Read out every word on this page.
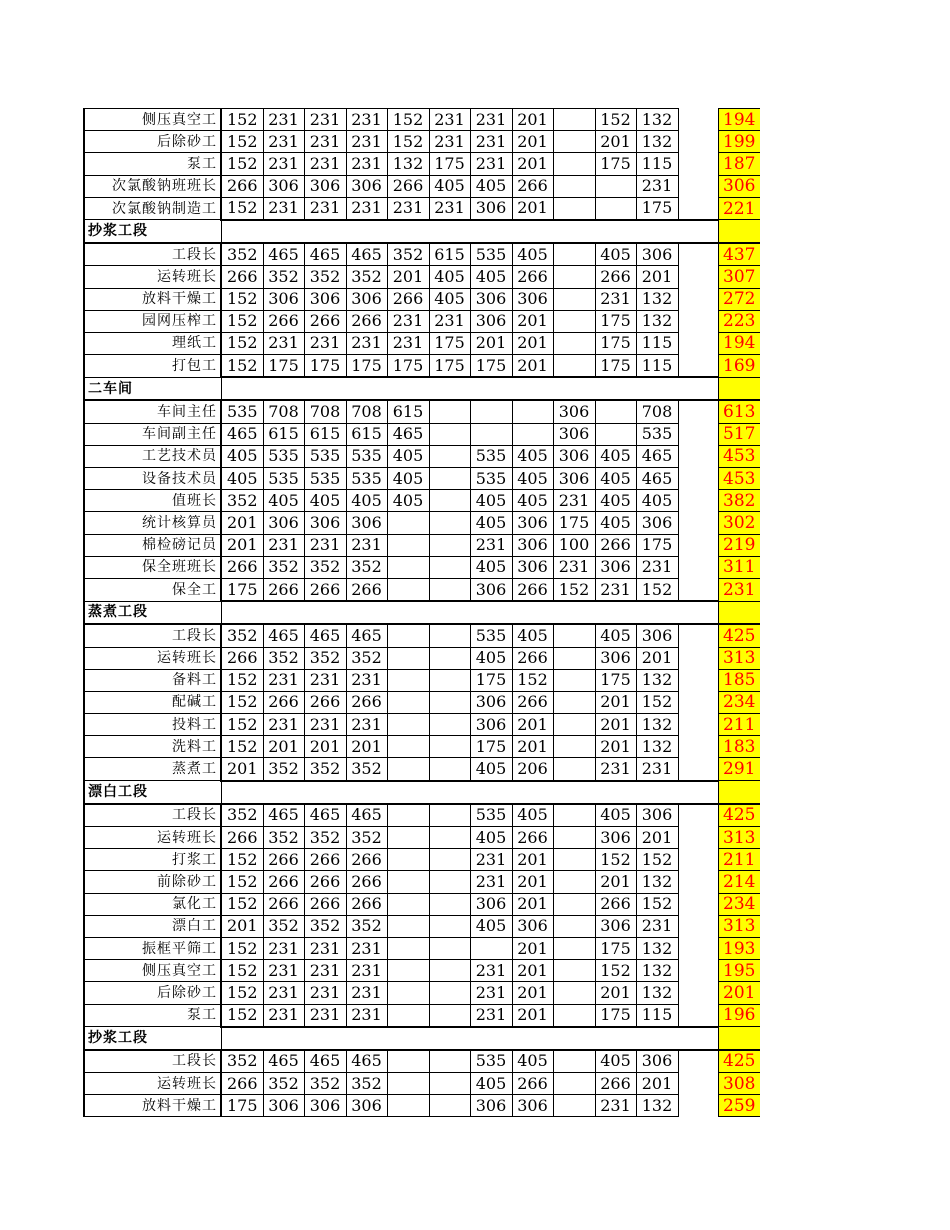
侧压真空工	152	231	231	231	152	231	231	201		152	132		194
后除砂工	152	231	231	231	152	231	231	201		201	132		199
泵工	152	231	231	231	132	175	231	201		175	115		187
次氯酸钠班班长	266	306	306	306	266	405	405	266			231		306
次氯酸钠制造工	152	231	231	231	231	231	306	201			175		221
抄浆工段													
工段长	352	465	465	465	352	615	535	405		405	306		437
运转班长	266	352	352	352	201	405	405	266		266	201		307
放料干燥工	152	306	306	306	266	405	306	306		231	132		272
园网压榨工	152	266	266	266	231	231	306	201		175	132		223
理纸工	152	231	231	231	231	175	201	201		175	115		194
打包工	152	175	175	175	175	175	175	201		175	115		169
二车间													
车间主任	535	708	708	708	615				306		708		613
车间副主任	465	615	615	615	465				306		535		517
工艺技术员	405	535	535	535	405		535	405	306	405	465		453
设备技术员	405	535	535	535	405		535	405	306	405	465		453
值班长	352	405	405	405	405		405	405	231	405	405		382
统计核算员	201	306	306	306			405	306	175	405	306		302
棉检磅记员	201	231	231	231			231	306	100	266	175		219
保全班班长	266	352	352	352			405	306	231	306	231		311
保全工	175	266	266	266			306	266	152	231	152		231
蒸煮工段													
工段长	352	465	465	465			535	405		405	306		425
运转班长	266	352	352	352			405	266		306	201		313
备料工	152	231	231	231			175	152		175	132		185
配碱工	152	266	266	266			306	266		201	152		234
投料工	152	231	231	231			306	201		201	132		211
洗料工	152	201	201	201			175	201		201	132		183
蒸煮工	201	352	352	352			405	206		231	231		291
漂白工段													
工段长	352	465	465	465			535	405		405	306		425
运转班长	266	352	352	352			405	266		306	201		313
打浆工	152	266	266	266			231	201		152	152		211
前除砂工	152	266	266	266			231	201		201	132		214
氯化工	152	266	266	266			306	201		266	152		234
漂白工	201	352	352	352			405	306		306	231		313
振框平筛工	152	231	231	231				201		175	132		193
侧压真空工	152	231	231	231			231	201		152	132		195
后除砂工	152	231	231	231			231	201		201	132		201
泵工	152	231	231	231			231	201		175	115		196
抄浆工段													
工段长	352	465	465	465			535	405		405	306		425
运转班长	266	352	352	352			405	266		266	201		308
放料干燥工	175	306	306	306			306	306		231	132		259
